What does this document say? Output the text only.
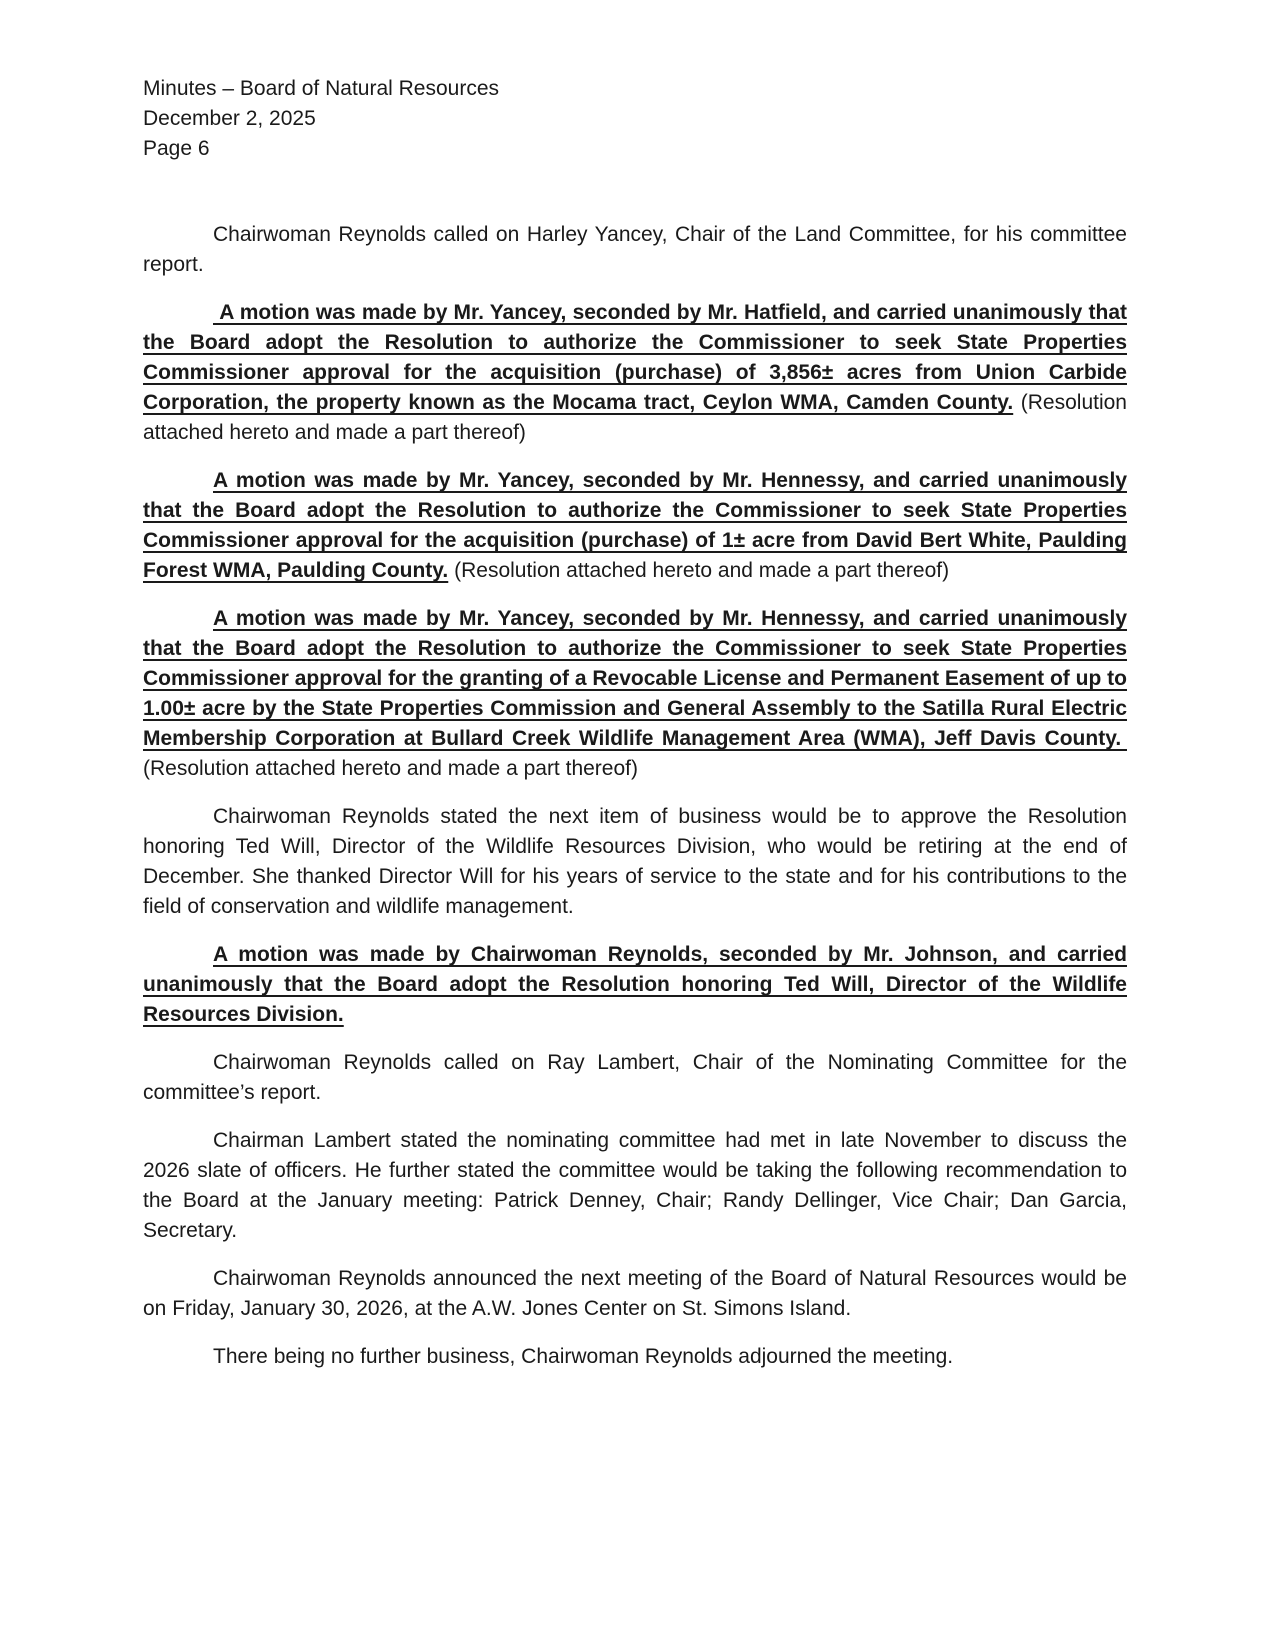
Minutes – Board of Natural Resources
December 2, 2025
Page 6

Chairwoman Reynolds called on Harley Yancey, Chair of the Land Committee, for his committee report.

A motion was made by Mr. Yancey, seconded by Mr. Hatfield, and carried unanimously that the Board adopt the Resolution to authorize the Commissioner to seek State Properties Commissioner approval for the acquisition (purchase) of 3,856± acres from Union Carbide Corporation, the property known as the Mocama tract, Ceylon WMA, Camden County. (Resolution attached hereto and made a part thereof)

A motion was made by Mr. Yancey, seconded by Mr. Hennessy, and carried unanimously that the Board adopt the Resolution to authorize the Commissioner to seek State Properties Commissioner approval for the acquisition (purchase) of 1± acre from David Bert White, Paulding Forest WMA, Paulding County. (Resolution attached hereto and made a part thereof)

A motion was made by Mr. Yancey, seconded by Mr. Hennessy, and carried unanimously that the Board adopt the Resolution to authorize the Commissioner to seek State Properties Commissioner approval for the granting of a Revocable License and Permanent Easement of up to 1.00± acre by the State Properties Commission and General Assembly to the Satilla Rural Electric Membership Corporation at Bullard Creek Wildlife Management Area (WMA), Jeff Davis County.  (Resolution attached hereto and made a part thereof)

Chairwoman Reynolds stated the next item of business would be to approve the Resolution honoring Ted Will, Director of the Wildlife Resources Division, who would be retiring at the end of December. She thanked Director Will for his years of service to the state and for his contributions to the field of conservation and wildlife management.

A motion was made by Chairwoman Reynolds, seconded by Mr. Johnson, and carried unanimously that the Board adopt the Resolution honoring Ted Will, Director of the Wildlife Resources Division.

Chairwoman Reynolds called on Ray Lambert, Chair of the Nominating Committee for the committee’s report.

Chairman Lambert stated the nominating committee had met in late November to discuss the 2026 slate of officers. He further stated the committee would be taking the following recommendation to the Board at the January meeting: Patrick Denney, Chair; Randy Dellinger, Vice Chair; Dan Garcia, Secretary.

Chairwoman Reynolds announced the next meeting of the Board of Natural Resources would be on Friday, January 30, 2026, at the A.W. Jones Center on St. Simons Island.

There being no further business, Chairwoman Reynolds adjourned the meeting.
